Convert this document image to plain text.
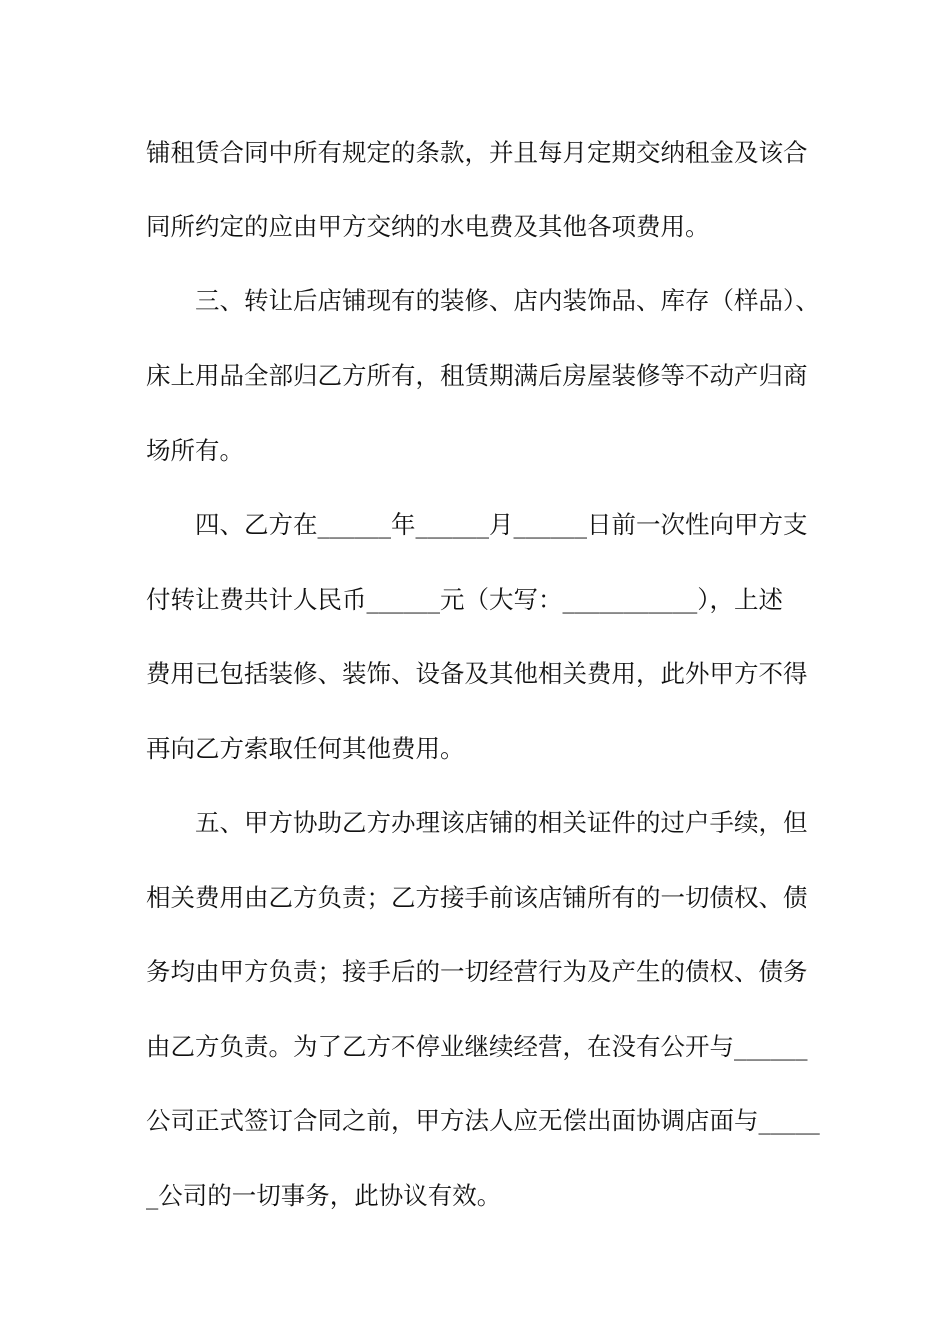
铺租赁合同中所有规定的条款，并且每月定期交纳租金及该合
同所约定的应由甲方交纳的水电费及其他各项费用。
　　三、转让后店铺现有的装修、店内装饰品、库存（样品）、
床上用品全部归乙方所有，租赁期满后房屋装修等不动产归商
场所有。
　　四、乙方在______年______月______日前一次性向甲方支
付转让费共计人民币______元（大写：___________），上述
费用已包括装修、装饰、设备及其他相关费用，此外甲方不得
再向乙方索取任何其他费用。
　　五、甲方协助乙方办理该店铺的相关证件的过户手续，但
相关费用由乙方负责；乙方接手前该店铺所有的一切债权、债
务均由甲方负责；接手后的一切经营行为及产生的债权、债务
由乙方负责。为了乙方不停业继续经营，在没有公开与______
公司正式签订合同之前，甲方法人应无偿出面协调店面与_____
_公司的一切事务，此协议有效。
